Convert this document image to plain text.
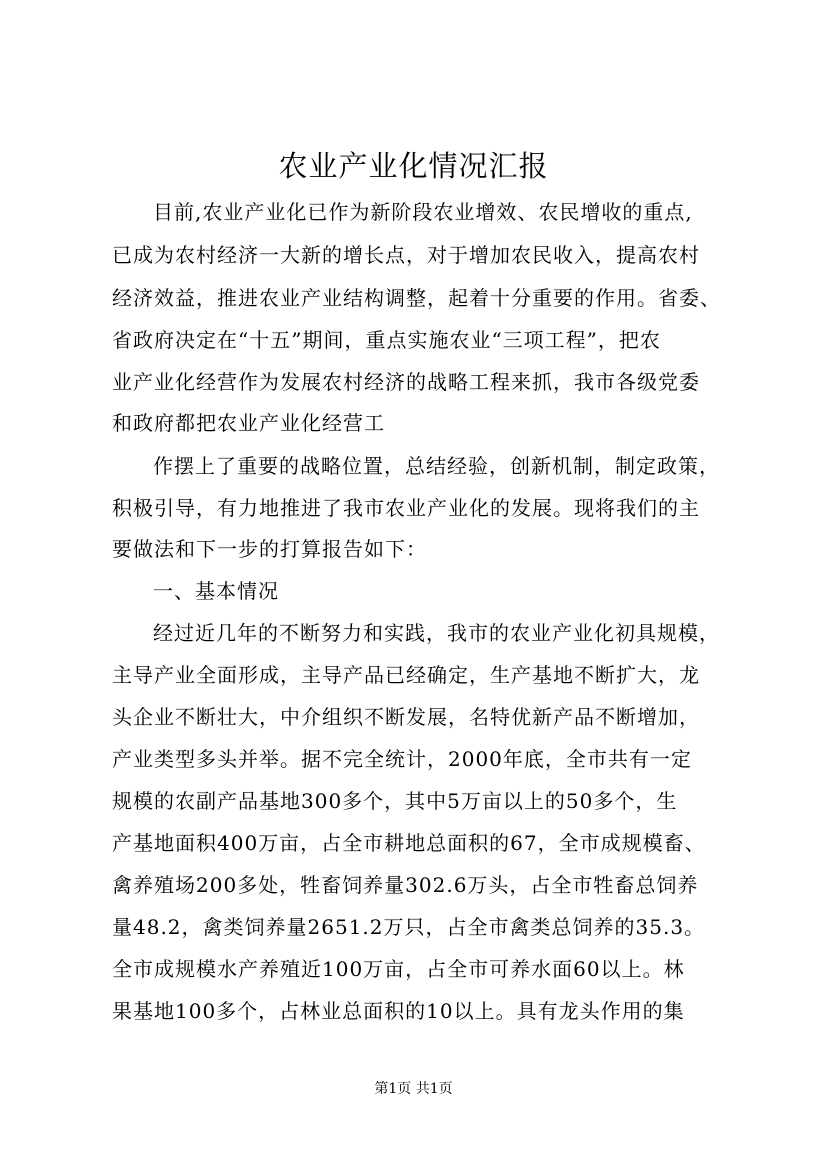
农业产业化情况汇报
目前,农业产业化已作为新阶段农业增效、农民增收的重点,
已成为农村经济一大新的增长点，对于增加农民收入，提高农村
经济效益，推进农业产业结构调整，起着十分重要的作用。省委、
省政府决定在“十五”期间，重点实施农业“三项工程”，把农
业产业化经营作为发展农村经济的战略工程来抓，我市各级党委
和政府都把农业产业化经营工
作摆上了重要的战略位置，总结经验，创新机制，制定政策，
积极引导，有力地推进了我市农业产业化的发展。现将我们的主
要做法和下一步的打算报告如下：
一、基本情况
经过近几年的不断努力和实践，我市的农业产业化初具规模，
主导产业全面形成，主导产品已经确定，生产基地不断扩大，龙
头企业不断壮大，中介组织不断发展，名特优新产品不断增加，
产业类型多头并举。据不完全统计，2000年底，全市共有一定
规模的农副产品基地300多个，其中5万亩以上的50多个，生
产基地面积400万亩，占全市耕地总面积的67，全市成规模畜、
禽养殖场200多处，牲畜饲养量302.6万头，占全市牲畜总饲养
量48.2，禽类饲养量2651.2万只，占全市禽类总饲养的35.3。
全市成规模水产养殖近100万亩，占全市可养水面60以上。林
果基地100多个，占林业总面积的10以上。具有龙头作用的集
第1页 共1页
